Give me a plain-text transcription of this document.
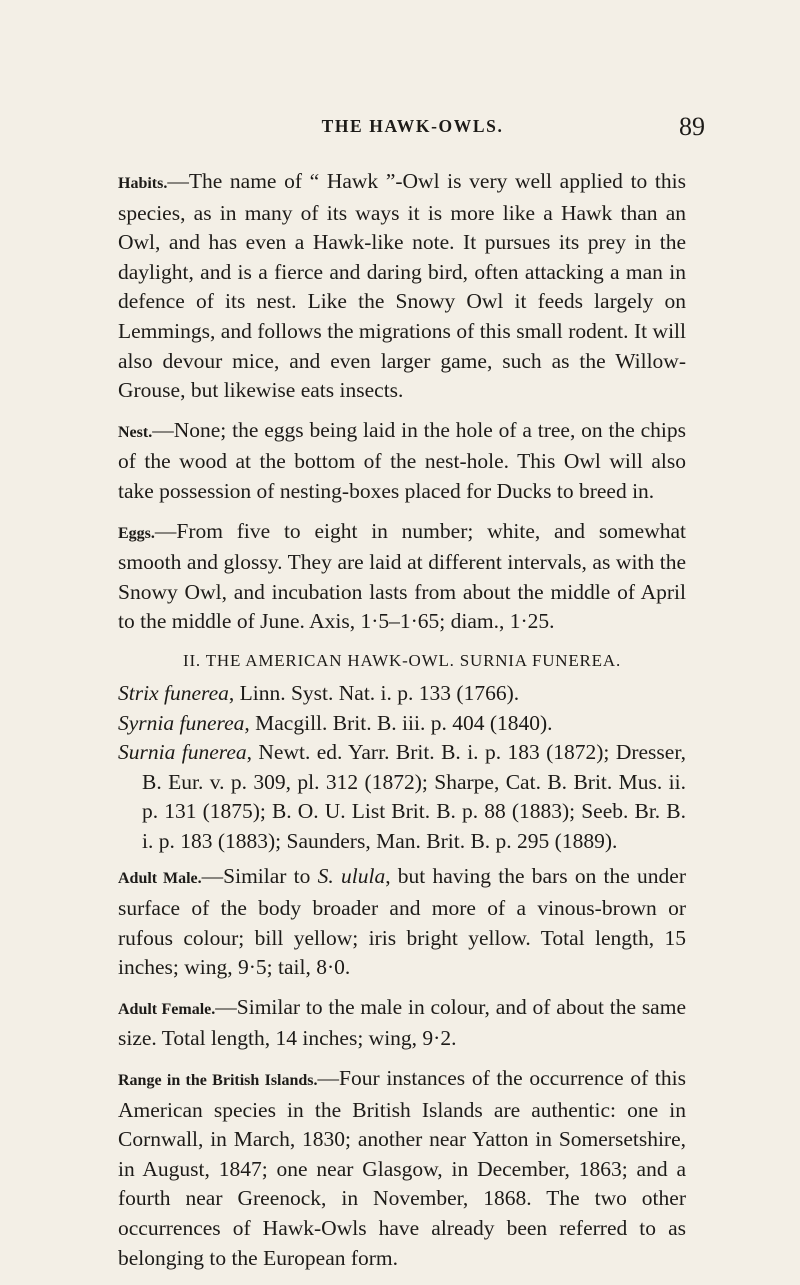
THE HAWK-OWLS.	89

Habits.—The name of “ Hawk ”-Owl is very well applied to this species, as in many of its ways it is more like a Hawk than an Owl, and has even a Hawk-like note. It pursues its prey in the daylight, and is a fierce and daring bird, often attacking a man in defence of its nest. Like the Snowy Owl it feeds largely on Lemmings, and follows the migrations of this small rodent. It will also devour mice, and even larger game, such as the Willow-Grouse, but likewise eats insects.

Nest.—None; the eggs being laid in the hole of a tree, on the chips of the wood at the bottom of the nest-hole. This Owl will also take possession of nesting-boxes placed for Ducks to breed in.

Eggs.—From five to eight in number; white, and somewhat smooth and glossy. They are laid at different intervals, as with the Snowy Owl, and incubation lasts from about the middle of April to the middle of June. Axis, 1·5–1·65; diam., 1·25.

II. THE AMERICAN HAWK-OWL. SURNIA FUNEREA.

Strix funerea, Linn. Syst. Nat. i. p. 133 (1766).

Syrnia funerea, Macgill. Brit. B. iii. p. 404 (1840).

Surnia funerea, Newt. ed. Yarr. Brit. B. i. p. 183 (1872); Dresser, B. Eur. v. p. 309, pl. 312 (1872); Sharpe, Cat. B. Brit. Mus. ii. p. 131 (1875); B. O. U. List Brit. B. p. 88 (1883); Seeb. Br. B. i. p. 183 (1883); Saunders, Man. Brit. B. p. 295 (1889).

Adult Male.—Similar to S. ulula, but having the bars on the under surface of the body broader and more of a vinous-brown or rufous colour; bill yellow; iris bright yellow. Total length, 15 inches; wing, 9·5; tail, 8·0.

Adult Female.—Similar to the male in colour, and of about the same size. Total length, 14 inches; wing, 9·2.

Range in the British Islands.—Four instances of the occurrence of this American species in the British Islands are authentic: one in Cornwall, in March, 1830; another near Yatton in Somersetshire, in August, 1847; one near Glasgow, in December, 1863; and a fourth near Greenock, in November, 1868. The two other occurrences of Hawk-Owls have already been referred to as belonging to the European form.
